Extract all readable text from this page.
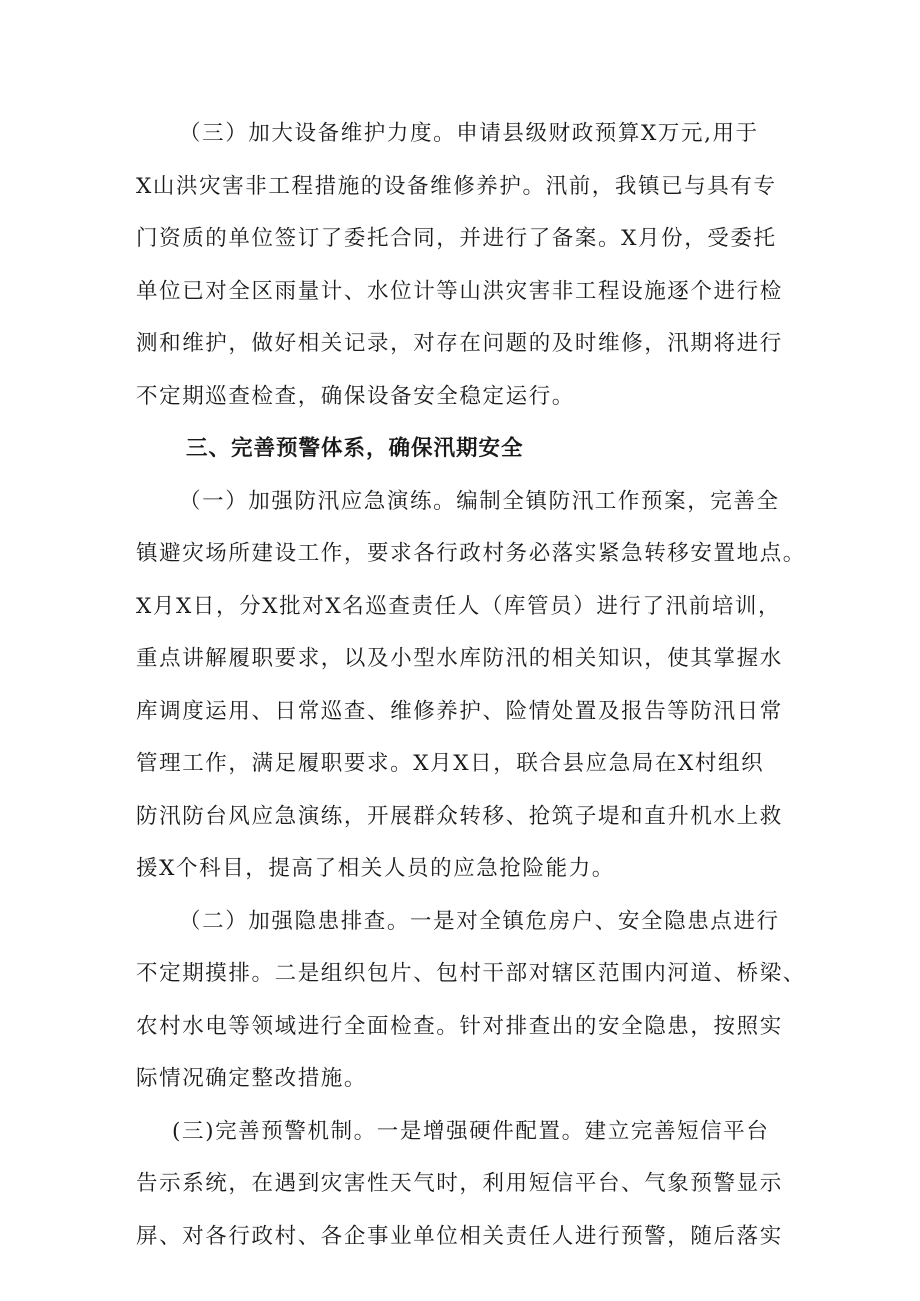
（三）加大设备维护力度。申请县级财政预算X万元,用于
X山洪灾害非工程措施的设备维修养护。汛前，我镇已与具有专
门资质的单位签订了委托合同，并进行了备案。X月份，受委托
单位已对全区雨量计、水位计等山洪灾害非工程设施逐个进行检
测和维护，做好相关记录，对存在问题的及时维修，汛期将进行
不定期巡查检查，确保设备安全稳定运行。
三、完善预警体系，确保汛期安全
（一）加强防汛应急演练。编制全镇防汛工作预案，完善全
镇避灾场所建设工作，要求各行政村务必落实紧急转移安置地点。
X月X日，分X批对X名巡查责任人（库管员）进行了汛前培训，
重点讲解履职要求，以及小型水库防汛的相关知识，使其掌握水
库调度运用、日常巡查、维修养护、险情处置及报告等防汛日常
管理工作，满足履职要求。X月X日，联合县应急局在X村组织
防汛防台风应急演练，开展群众转移、抢筑子堤和直升机水上救
援X个科目，提高了相关人员的应急抢险能力。
（二）加强隐患排查。一是对全镇危房户、安全隐患点进行
不定期摸排。二是组织包片、包村干部对辖区范围内河道、桥梁、
农村水电等领域进行全面检查。针对排查出的安全隐患，按照实
际情况确定整改措施。
(三)完善预警机制。一是增强硬件配置。建立完善短信平台
告示系统，在遇到灾害性天气时，利用短信平台、气象预警显示
屏、对各行政村、各企事业单位相关责任人进行预警，随后落实
